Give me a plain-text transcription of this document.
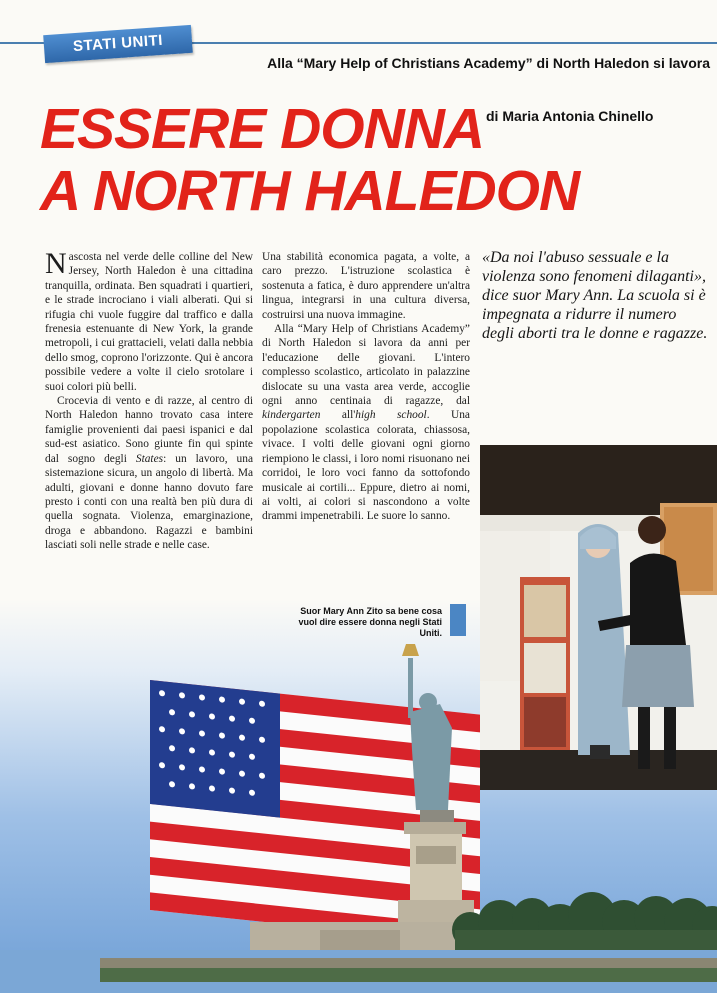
STATI UNITI
Alla “Mary Help of Christians Academy” di North Haledon si lavora
ESSERE DONNA
A NORTH HALEDON
di Maria Antonia Chinello

Nascosta nel verde delle colline del New Jersey, North Haledon è una cittadina tranquilla, ordinata. Ben squadrati i quartieri, e le strade incrociano i viali alberati. Qui si rifugia chi vuole fuggire dal traffico e dalla frenesia estenuante di New York, la grande metropoli, i cui grattacieli, velati dalla nebbia dello smog, coprono l'orizzonte. Qui è ancora possibile vedere a volte il cielo srotolare i suoi colori più belli.

Crocevia di vento e di razze, al centro di North Haledon hanno trovato casa intere famiglie provenienti dai paesi ispanici e dal sud-est asiatico. Sono giunte fin qui spinte dal sogno degli States: un lavoro, una sistemazione sicura, un angolo di libertà. Ma adulti, giovani e donne hanno dovuto fare presto i conti con una realtà ben più dura di quella sognata. Violenza, emarginazione, droga e abbandono. Ragazzi e bambini lasciati soli nelle strade e nelle case.

Una stabilità economica pagata, a volte, a caro prezzo. L'istruzione scolastica è sostenuta a fatica, è duro apprendere un'altra lingua, integrarsi in una cultura diversa, costruirsi una nuova immagine.

Alla “Mary Help of Christians Academy” di North Haledon si lavora da anni per l'educazione delle giovani. L'intero complesso scolastico, articolato in palazzine dislocate su una vasta area verde, accoglie ogni anno centinaia di ragazze, dal kindergarten all'high school. Una popolazione scolastica colorata, chiassosa, vivace. I volti delle giovani ogni giorno riempiono le classi, i loro nomi risuonano nei corridoi, le loro voci fanno da sottofondo musicale ai cortili... Eppure, dietro ai nomi, ai volti, ai colori si nascondono a volte drammi impenetrabili. Le suore lo sanno.

«Da noi l'abuso sessuale e la violenza sono fenomeni dilaganti», dice suor Mary Ann. La scuola si è impegnata a ridurre il numero degli aborti tra le donne e ragazze.

Suor Mary Ann Zito sa bene cosa vuol dire essere donna negli Stati Uniti.
